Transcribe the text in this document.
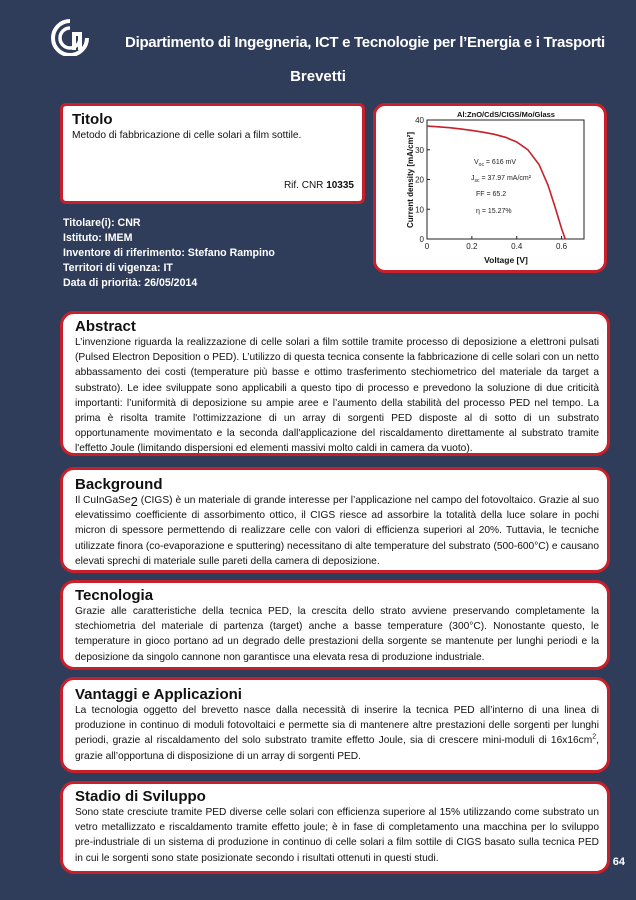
Dipartimento di Ingegneria, ICT e Tecnologie per l’Energia e i Trasporti
Brevetti
Titolo

Metodo di fabbricazione di celle solari a film sottile.

Rif. CNR 10335
Titolare(i): CNR
Istituto: IMEM
Inventore di riferimento: Stefano Rampino
Territori di vigenza: IT
Data di priorità: 26/05/2014
Al:ZnO/CdS/CIGS/Mo/Glass
0	0.2	0.4	0.6
0
10
20
30
40
Voltage [V]
Current density [mA/cm²]	$V_{oc} = 616$ mV
$J_{sc} = 37.97$ mA/cm²
FF = 65.2
η = 15.27%
Abstract

L’invenzione riguarda la realizzazione di celle solari a film sottile tramite processo di deposizione a elettroni pulsati (Pulsed Electron Deposition o PED). L’utilizzo di questa tecnica consente la fabbricazione di celle solari con un netto abbassamento dei costi (temperature più basse e ottimo trasferimento stechiometrico del materiale da target a substrato). Le idee sviluppate sono applicabili a questo tipo di processo e prevedono la soluzione di due criticità importanti: l’uniformità di deposizione su ampie aree e l’aumento della stabilità del processo PED nel tempo. La prima è risolta tramite l'ottimizzazione di un array di sorgenti PED disposte al di sotto di un substrato opportunamente movimentato e la seconda dall'applicazione del riscaldamento direttamente al substrato tramite l'effetto Joule (limitando dispersioni ed elementi massivi molto caldi in camera da vuoto).

Background

Il CuInGaSe$_2$ (CIGS) è un materiale di grande interesse per l’applicazione nel campo del fotovoltaico. Grazie al suo elevatissimo coefficiente di assorbimento ottico, il CIGS riesce ad assorbire la totalità della luce solare in pochi micron di spessore permettendo di realizzare celle con valori di efficienza superiori al 20%. Tuttavia, le tecniche utilizzate finora (co-evaporazione e sputtering) necessitano di alte temperature del substrato (500-600°C) e causano elevati sprechi di materiale sulle pareti della camera di deposizione.

Tecnologia

Grazie alle caratteristiche della tecnica PED, la crescita dello strato avviene preservando completamente la stechiometria del materiale di partenza (target) anche a basse temperature (300°C). Nonostante questo, le temperature in gioco portano ad un degrado delle prestazioni della sorgente se mantenute per lunghi periodi e la deposizione da singolo cannone non garantisce una elevata resa di produzione industriale.

Vantaggi e Applicazioni

La tecnologia oggetto del brevetto nasce dalla necessità di inserire la tecnica PED all’interno di una linea di produzione in continuo di moduli fotovoltaici e permette sia di mantenere altre prestazioni delle sorgenti per lunghi periodi, grazie al riscaldamento del solo substrato tramite effetto Joule, sia di crescere mini-moduli di $16x16cm^2$, grazie all’opportuna di disposizione di un array di sorgenti PED.

Stadio di Sviluppo

Sono state cresciute tramite PED diverse celle solari con efficienza superiore al 15% utilizzando come substrato un vetro metallizzato e riscaldamento tramite effetto joule; è in fase di completamento una macchina per lo sviluppo pre-industriale di un sistema di produzione in continuo di celle solari a film sottile di CIGS basato sulla tecnica PED in cui le sorgenti sono state posizionate secondo i risultati ottenuti in questi studi.	64
